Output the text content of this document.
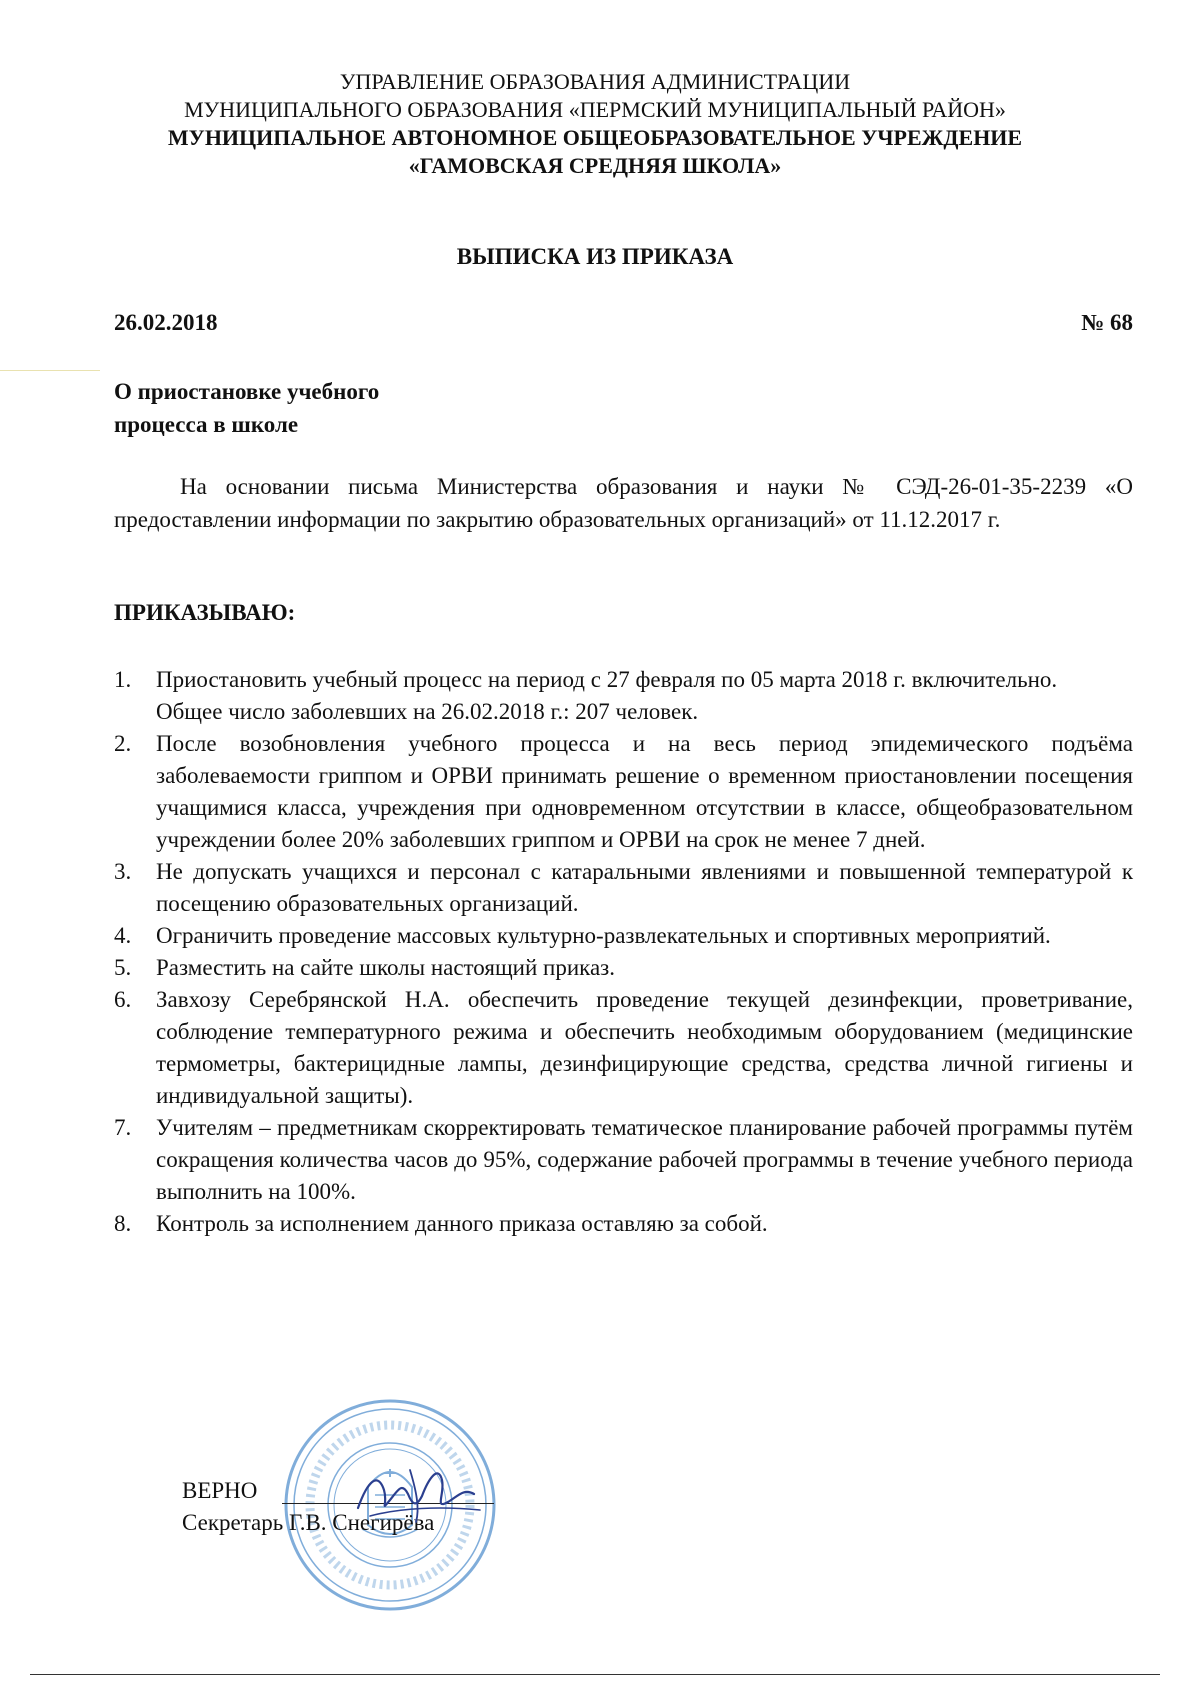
УПРАВЛЕНИЕ ОБРАЗОВАНИЯ АДМИНИСТРАЦИИ
МУНИЦИПАЛЬНОГО ОБРАЗОВАНИЯ «ПЕРМСКИЙ МУНИЦИПАЛЬНЫЙ РАЙОН»
МУНИЦИПАЛЬНОЕ АВТОНОМНОЕ ОБЩЕОБРАЗОВАТЕЛЬНОЕ УЧРЕЖДЕНИЕ
«ГАМОВСКАЯ СРЕДНЯЯ ШКОЛА»
ВЫПИСКА ИЗ ПРИКАЗА
26.02.2018	№ 68
О приостановке учебного
процесса в школе
На основании письма Министерства образования и науки № СЭД-26-01-35-2239 «О предоставлении информации по закрытию образовательных организаций» от 11.12.2017 г.
ПРИКАЗЫВАЮ:
1.	Приостановить учебный процесс на период с 27 февраля по 05 марта 2018 г. включительно.
Общее число заболевших на 26.02.2018 г.: 207 человек.
2.	После возобновления учебного процесса и на весь период эпидемического подъёма заболеваемости гриппом и ОРВИ принимать решение о временном приостановлении посещения учащимися класса, учреждения при одновременном отсутствии в классе, общеобразовательном учреждении более 20% заболевших гриппом и ОРВИ на срок не менее 7 дней.
3.	Не допускать учащихся и персонал с катаральными явлениями и повышенной температурой к посещению образовательных организаций.
4.	Ограничить проведение массовых культурно-развлекательных и спортивных мероприятий.
5.	Разместить на сайте школы настоящий приказ.
6.	Завхозу Серебрянской Н.А. обеспечить проведение текущей дезинфекции, проветривание, соблюдение температурного режима и обеспечить необходимым оборудованием (медицинские термометры, бактерицидные лампы, дезинфицирующие средства, средства личной гигиены и индивидуальной защиты).
7.	Учителям – предметникам скорректировать тематическое планирование рабочей программы путём сокращения количества часов до 95%, содержание рабочей программы в течение учебного периода выполнить на 100%.
8.	Контроль за исполнением данного приказа оставляю за собой.
ВЕРНО
Секретарь Г.В. Снегирёва
